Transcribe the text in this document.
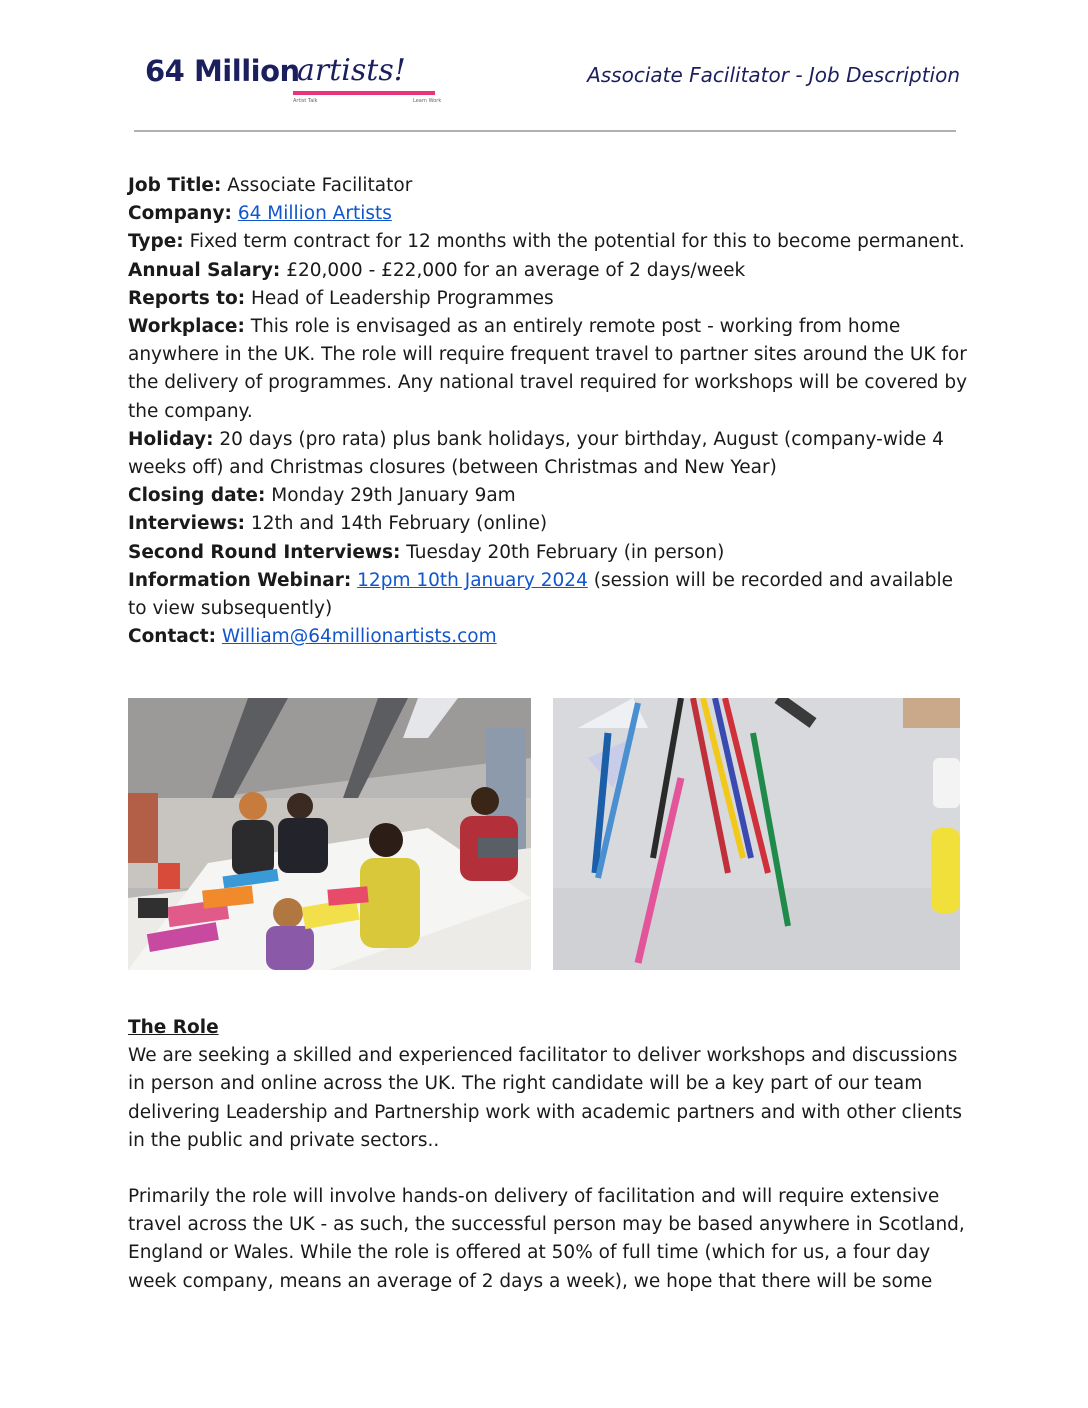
64 Million
artists!
Artist Talk	Learn Work
Associate Facilitator - Job Description

Job Title: Associate Facilitator

Company: 64 Million Artists

Type: Fixed term contract for 12 months with the potential for this to become permanent.

Annual Salary: £20,000 - £22,000 for an average of 2 days/week

Reports to: Head of Leadership Programmes

Workplace: This role is envisaged as an entirely remote post - working from home anywhere in the UK. The role will require frequent travel to partner sites around the UK for the delivery of programmes. Any national travel required for workshops will be covered by the company.

Holiday: 20 days (pro rata) plus bank holidays, your birthday, August (company-wide 4 weeks off) and Christmas closures (between Christmas and New Year)

Closing date: Monday 29th January 9am

Interviews: 12th and 14th February (online)

Second Round Interviews: Tuesday 20th February (in person)

Information Webinar: 12pm 10th January 2024 (session will be recorded and available to view subsequently)

Contact: William@64millionartists.com

The Role

We are seeking a skilled and experienced facilitator to deliver workshops and discussions in person and online across the UK. The right candidate will be a key part of our team delivering Leadership and Partnership work with academic partners and with other clients in the public and private sectors..

Primarily the role will involve hands-on delivery of facilitation and will require extensive travel across the UK - as such, the successful person may be based anywhere in Scotland, England or Wales. While the role is offered at 50% of full time (which for us, a four day week company, means an average of 2 days a week), we hope that there will be some
